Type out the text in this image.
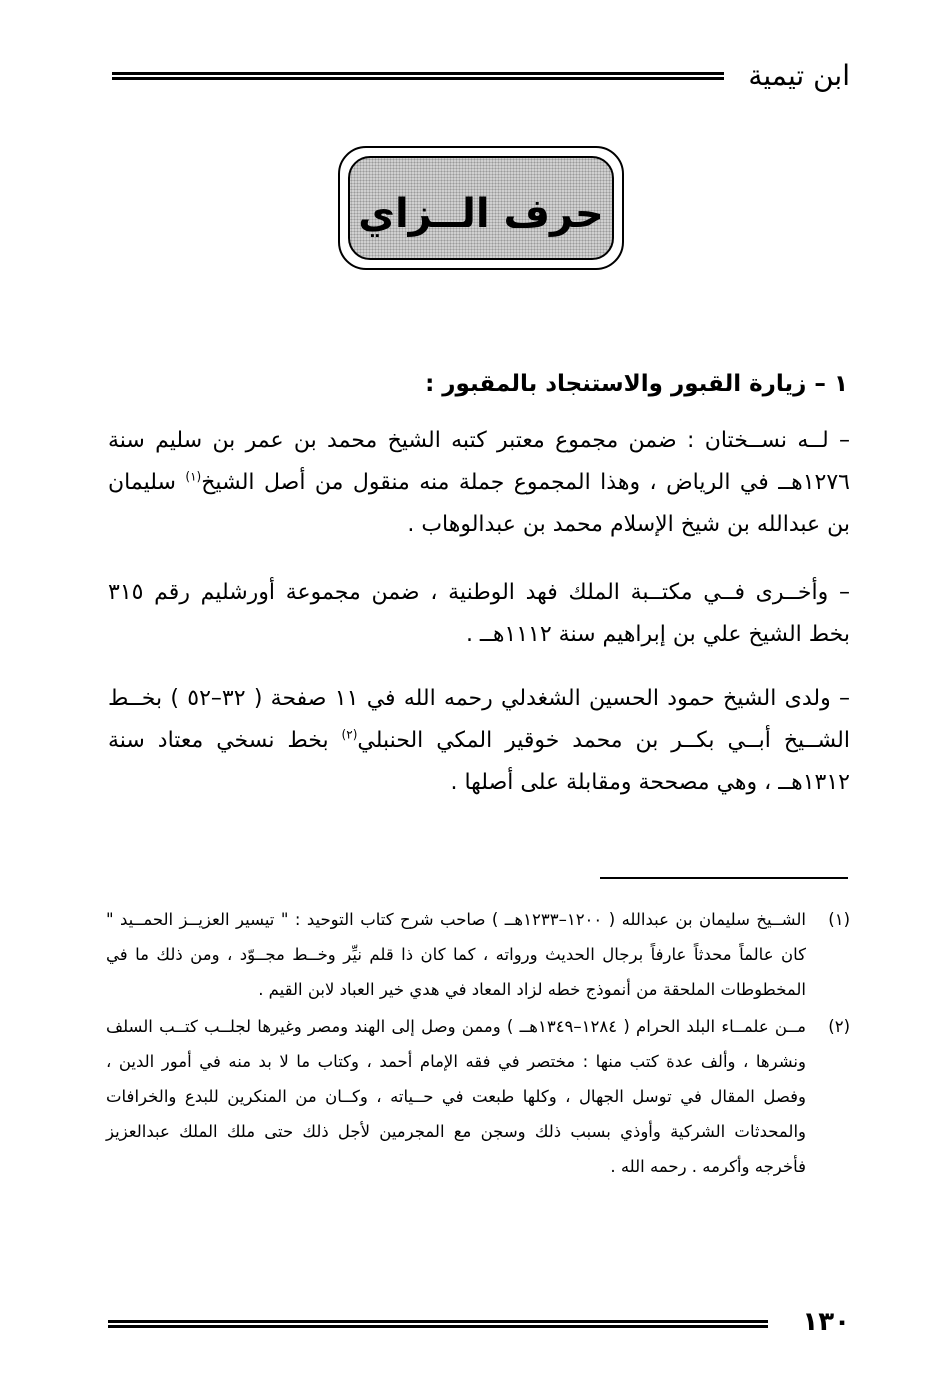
ابن تيمية
حرف الــزاي
١ – زيارة القبور والاستنجاد بالمقبور :

– لــه نســختان : ضمن مجموع معتبر كتبه الشيخ محمد بن عمر بن سليم سنة ١٢٧٦هــ في الرياض ، وهذا المجموع جملة منه منقول من أصل الشيخ$^{(١)}$ سليمان بن عبدالله بن شيخ الإسلام محمد بن عبدالوهاب .

– وأخــرى فــي مكتــبة الملك فهد الوطنية ، ضمن مجموعة أورشليم رقم ٣١٥ بخط الشيخ علي بن إبراهيم سنة ١١١٢هــ .

– ولدى الشيخ حمود الحسين الشغدلي رحمه الله في ١١ صفحة ( ٣٢–٥٢ ) بخــط الشــيخ أبــي بكــر بن محمد خوقير المكي الحنبلي$^{(٢)}$ بخط نسخي معتاد سنة ١٣١٢هــ ، وهي مصححة ومقابلة على أصلها .

(١)
الشــيخ سليمان بن عبدالله ( ١٢٠٠–١٢٣٣هــ ) صاحب شرح كتاب التوحيد : " تيسير العزيــز الحمــيد " كان عالماً محدثاً عارفاً برجال الحديث ورواته ، كما كان ذا قلم نيِّر وخــط مجــوّد ، ومن ذلك ما في المخطوطات الملحقة من أنموذج خطه لزاد المعاد في هدي خير العباد لابن القيم .
(٢)
مــن علمــاء البلد الحرام ( ١٢٨٤–١٣٤٩هــ ) وممن وصل إلى الهند ومصر وغيرها لجلــب كتــب السلف ونشرها ، وألف عدة كتب منها : مختصر في فقه الإمام أحمد ، وكتاب ما لا بد منه في أمور الدين ، وفصل المقال في توسل الجهال ، وكلها طبعت في حــياته ، وكــان من المنكرين للبدع والخرافات والمحدثات الشركية وأوذي بسبب ذلك وسجن مع المجرمين لأجل ذلك حتى ملك الملك عبدالعزيز فأخرجه وأكرمه . رحمه الله .
١٣٠
